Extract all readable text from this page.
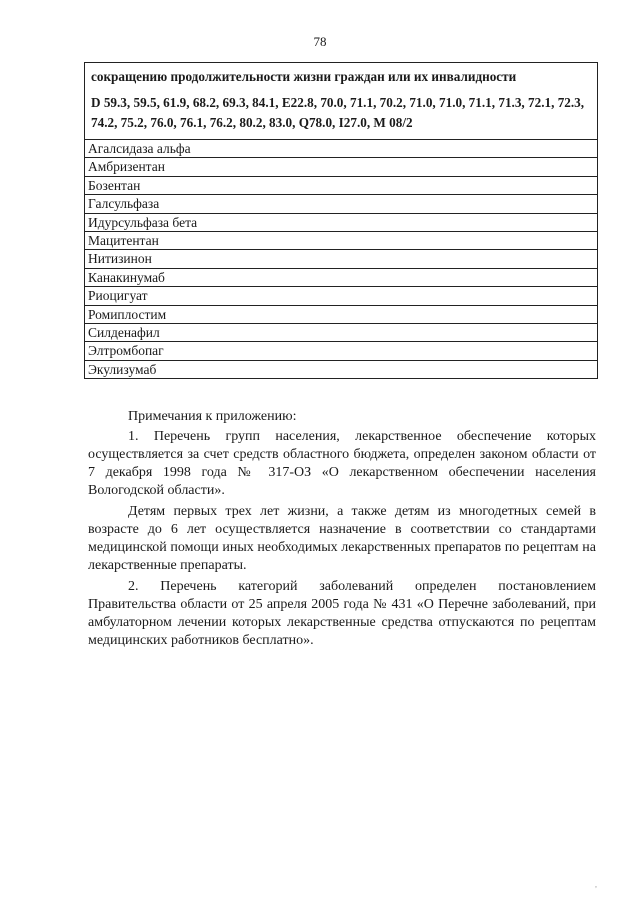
78
сокращению продолжительности жизни граждан или их инвалидности
D 59.3, 59.5, 61.9, 68.2, 69.3, 84.1, E22.8, 70.0, 71.1, 70.2, 71.0, 71.0, 71.1, 71.3, 72.1, 72.3, 74.2, 75.2, 76.0, 76.1, 76.2, 80.2, 83.0, Q78.0, I27.0, M 08/2
Агалсидаза альфа
Амбризентан
Бозентан
Галсульфаза
Идурсульфаза бета
Мацитентан
Нитизинон
Канакинумаб
Риоцигуат
Ромиплостим
Силденафил
Элтромбопаг
Экулизумаб

Примечания к приложению:

1. Перечень групп населения, лекарственное обеспечение которых осуществляется за счет средств областного бюджета, определен законом области от 7 декабря 1998 года № 317-ОЗ «О лекарственном обеспечении населения Вологодской области».

Детям первых трех лет жизни, а также детям из многодетных семей в возрасте до 6 лет осуществляется назначение в соответствии со стандартами медицинской помощи иных необходимых лекарственных препаратов по рецептам на лекарственные препараты.

2. Перечень категорий заболеваний определен постановлением Правительства области от 25 апреля 2005 года № 431 «О Перечне заболеваний, при амбулаторном лечении которых лекарственные средства отпускаются по рецептам медицинских работников бесплатно».

,
